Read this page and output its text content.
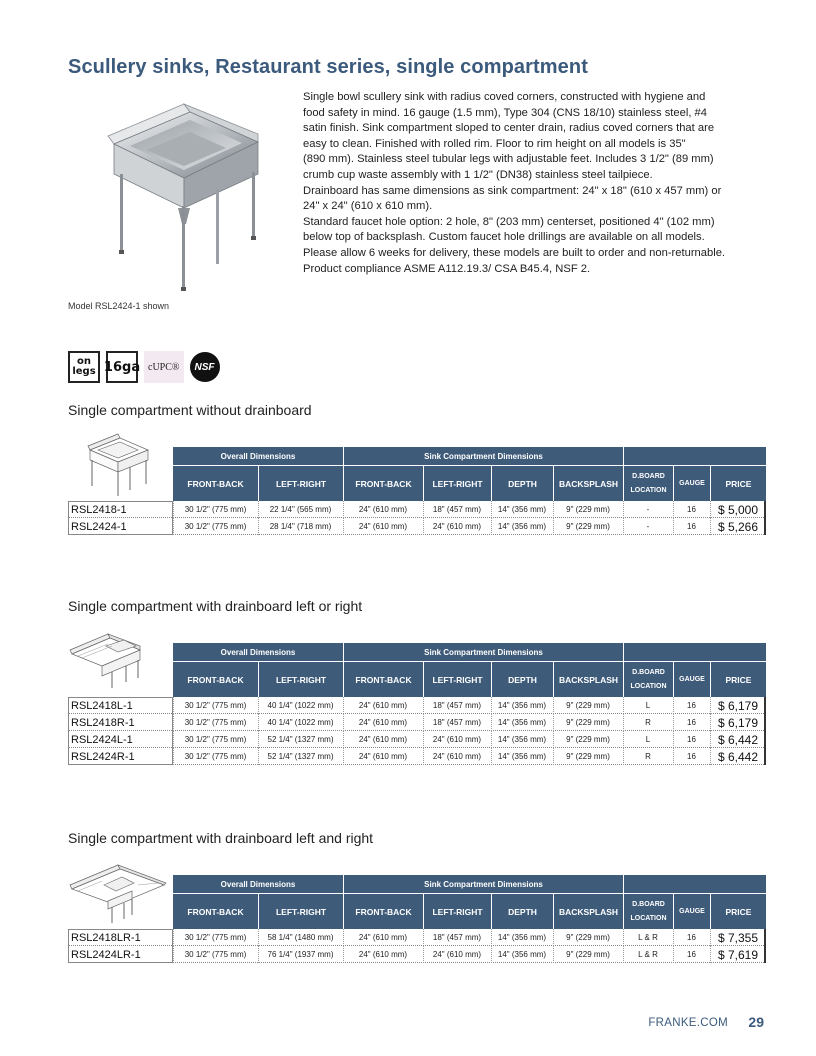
Scullery sinks, Restaurant series, single compartment
Model RSL2424-1 shown
Single bowl scullery sink with radius coved corners, constructed with hygiene and
food safety in mind. 16 gauge (1.5 mm), Type 304 (CNS 18/10) stainless steel, #4
satin finish. Sink compartment sloped to center drain, radius coved corners that are
easy to clean. Finished with rolled rim. Floor to rim height on all models is 35"
(890 mm). Stainless steel tubular legs with adjustable feet. Includes 3 1/2" (89 mm)
crumb cup waste assembly with 1 1/2" (DN38) stainless steel tailpiece.
Drainboard has same dimensions as sink compartment: 24" x 18" (610 x 457 mm) or
24" x 24" (610 x 610 mm).
Standard faucet hole option: 2 hole, 8" (203 mm) centerset, positioned 4" (102 mm)
below top of backsplash. Custom faucet hole drillings are available on all models.
Please allow 6 weeks for delivery, these models are built to order and non-returnable.
Product compliance ASME A112.19.3/ CSA B45.4, NSF 2.
on
legs 16ga cUPC®	NSF
Single compartment without drainboard
Overall Dimensions	Sink Compartment Dimensions
FRONT-BACK	LEFT-RIGHT	FRONT-BACK	LEFT-RIGHT	DEPTH	BACKSPLASH
D.BOARD
LOCATION
GAUGE	PRICE
RSL2418-1	30 1/2" (775 mm)	22 1/4" (565 mm)	24" (610 mm)	18" (457 mm)	14" (356 mm)	9" (229 mm)	-	16	$ 5,000
RSL2424-1	30 1/2" (775 mm)	28 1/4" (718 mm)	24" (610 mm)	24" (610 mm)	14" (356 mm)	9" (229 mm)	-	16	$ 5,266
Single compartment with drainboard left or right
Overall Dimensions	Sink Compartment Dimensions
FRONT-BACK	LEFT-RIGHT	FRONT-BACK	LEFT-RIGHT	DEPTH	BACKSPLASH
D.BOARD
LOCATION
GAUGE	PRICE
RSL2418L-1	30 1/2" (775 mm)	40 1/4" (1022 mm)	24" (610 mm)	18" (457 mm)	14" (356 mm)	9" (229 mm)	L	16	$ 6,179
RSL2418R-1	30 1/2" (775 mm)	40 1/4" (1022 mm)	24" (610 mm)	18" (457 mm)	14" (356 mm)	9" (229 mm)	R	16	$ 6,179
RSL2424L-1	30 1/2" (775 mm)	52 1/4" (1327 mm)	24" (610 mm)	24" (610 mm)	14" (356 mm)	9" (229 mm)	L	16	$ 6,442
RSL2424R-1	30 1/2" (775 mm)	52 1/4" (1327 mm)	24" (610 mm)	24" (610 mm)	14" (356 mm)	9" (229 mm)	R	16	$ 6,442
Single compartment with drainboard left and right
Overall Dimensions	Sink Compartment Dimensions
FRONT-BACK	LEFT-RIGHT	FRONT-BACK	LEFT-RIGHT	DEPTH	BACKSPLASH
D.BOARD
LOCATION
GAUGE	PRICE
RSL2418LR-1	30 1/2" (775 mm)	58 1/4" (1480 mm)	24" (610 mm)	18" (457 mm)	14" (356 mm)	9" (229 mm)	L & R	16	$ 7,355
RSL2424LR-1	30 1/2" (775 mm)	76 1/4" (1937 mm)	24" (610 mm)	24" (610 mm)	14" (356 mm)	9" (229 mm)	L & R	16	$ 7,619
FRANKE.COM 29
